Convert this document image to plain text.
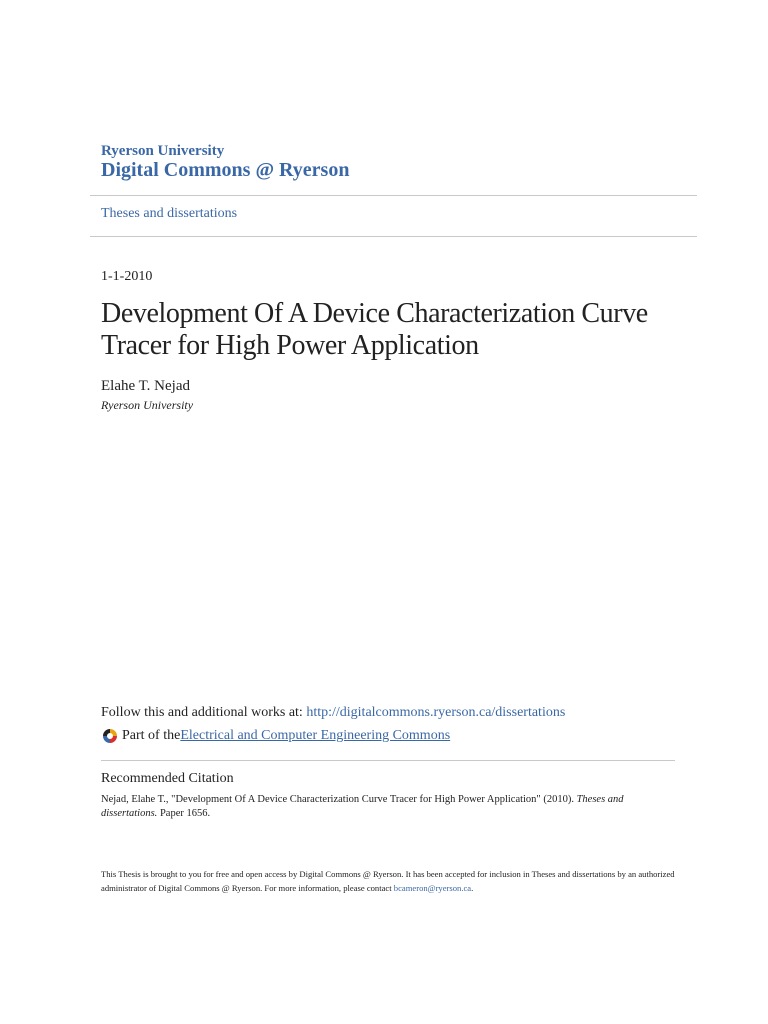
Ryerson University
Digital Commons @ Ryerson
Theses and dissertations
1-1-2010
Development Of A Device Characterization Curve Tracer for High Power Application
Elahe T. Nejad
Ryerson University
Follow this and additional works at: http://digitalcommons.ryerson.ca/dissertations
Part of the Electrical and Computer Engineering Commons
Recommended Citation
Nejad, Elahe T., "Development Of A Device Characterization Curve Tracer for High Power Application" (2010). Theses and dissertations. Paper 1656.
This Thesis is brought to you for free and open access by Digital Commons @ Ryerson. It has been accepted for inclusion in Theses and dissertations by an authorized administrator of Digital Commons @ Ryerson. For more information, please contact bcameron@ryerson.ca.
